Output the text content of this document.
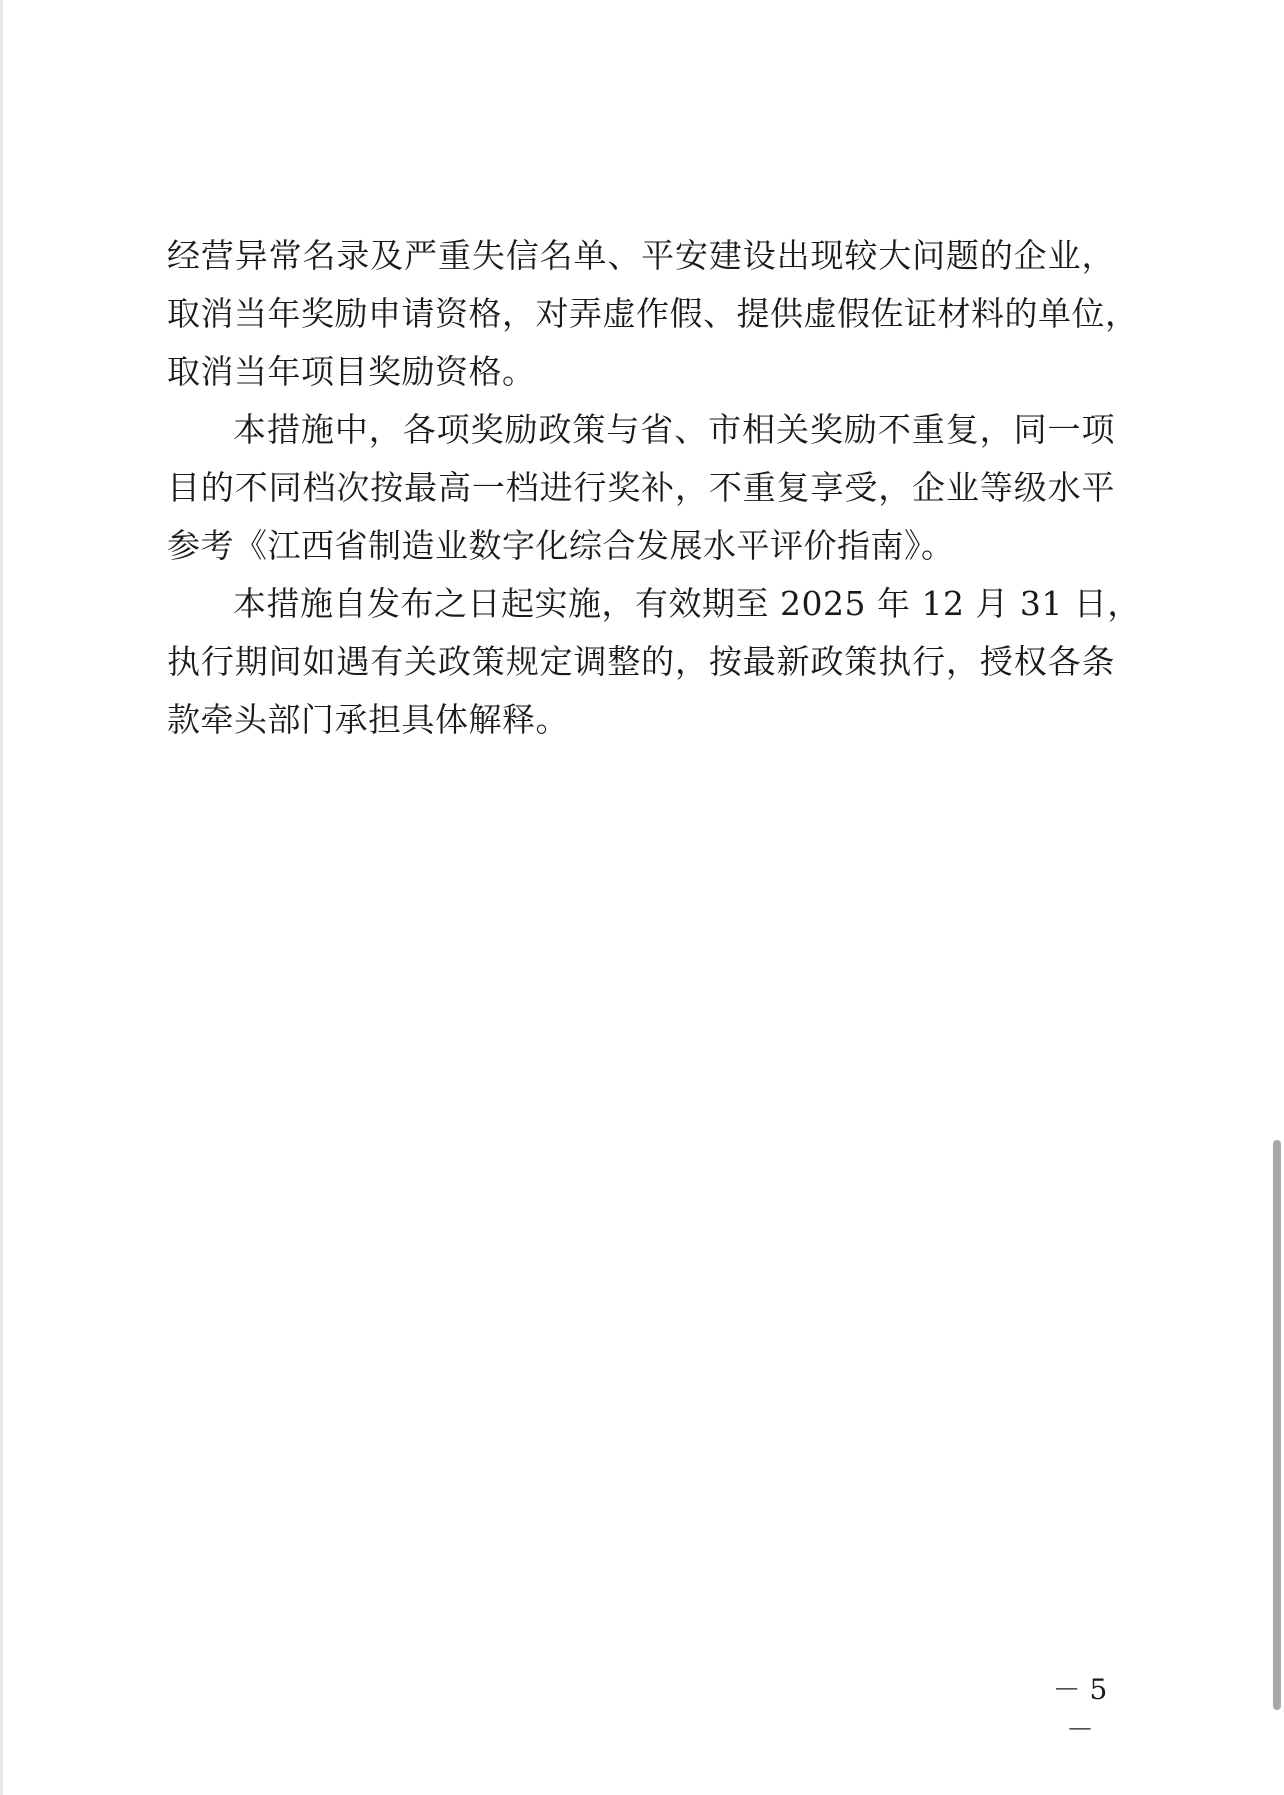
经营异常名录及严重失信名单、平安建设出现较大问题的企业，
取消当年奖励申请资格，对弄虚作假、提供虚假佐证材料的单位，
取消当年项目奖励资格。
本措施中，各项奖励政策与省、市相关奖励不重复，同一项
目的不同档次按最高一档进行奖补，不重复享受，企业等级水平
参考《江西省制造业数字化综合发展水平评价指南》。
本措施自发布之日起实施，有效期至 2025 年 12 月 31 日，
执行期间如遇有关政策规定调整的，按最新政策执行，授权各条
款牵头部门承担具体解释。
－ 5 －
